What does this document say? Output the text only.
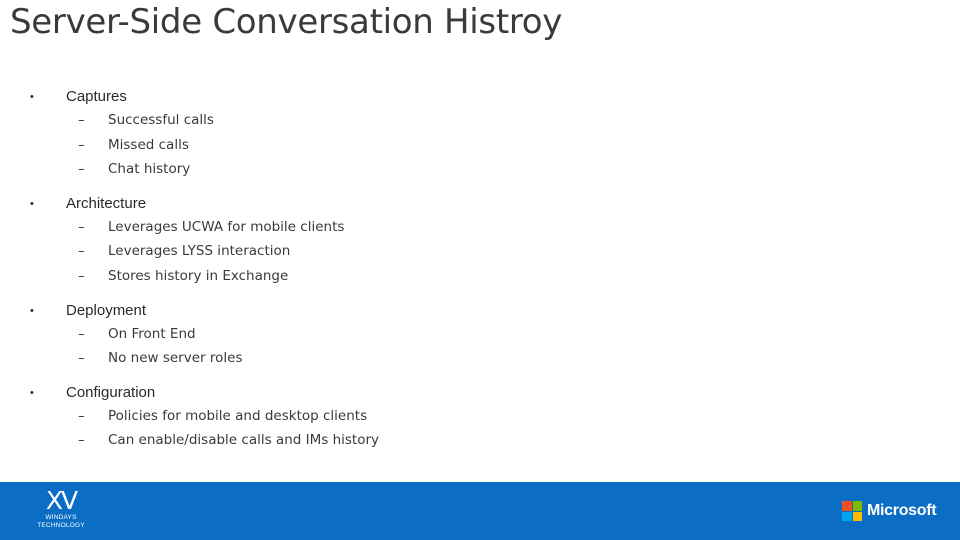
Server-Side Conversation Histroy
•	Captures
–	Successful calls
–	Missed calls
–	Chat history
•	Architecture
–	Leverages UCWA for mobile clients
–	Leverages LYSS interaction
–	Stores history in Exchange
•	Deployment
–	On Front End
–	No new server roles
•	Configuration
–	Policies for mobile and desktop clients
–	Can enable/disable calls and IMs history
XV
WINDAYS
TECHNOLOGY
Microsoft
